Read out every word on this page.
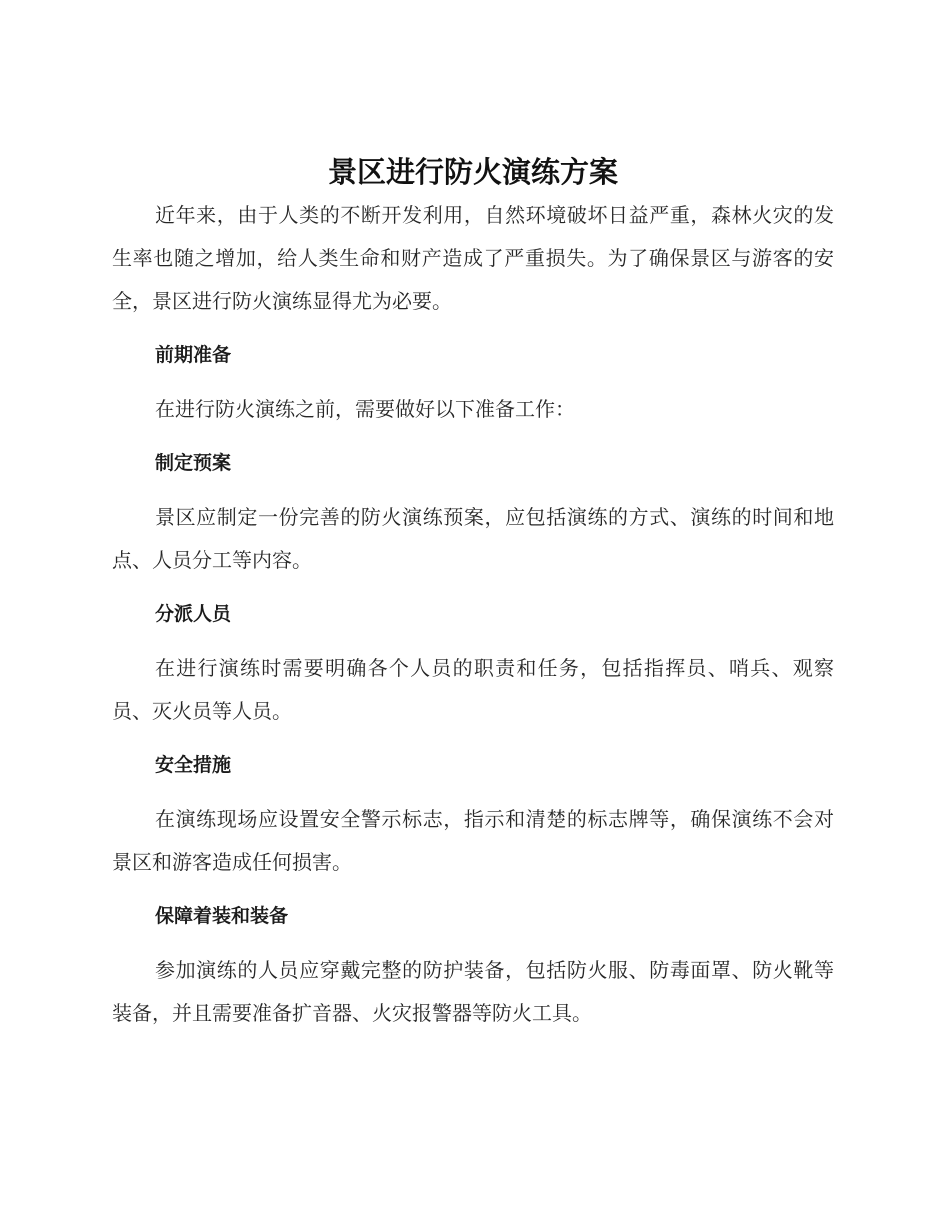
景区进行防火演练方案

近年来，由于人类的不断开发利用，自然环境破坏日益严重，森林火灾的发生率也随之增加，给人类生命和财产造成了严重损失。为了确保景区与游客的安全，景区进行防火演练显得尤为必要。

前期准备

在进行防火演练之前，需要做好以下准备工作：

制定预案

景区应制定一份完善的防火演练预案，应包括演练的方式、演练的时间和地点、人员分工等内容。

分派人员

在进行演练时需要明确各个人员的职责和任务，包括指挥员、哨兵、观察员、灭火员等人员。

安全措施

在演练现场应设置安全警示标志，指示和清楚的标志牌等，确保演练不会对景区和游客造成任何损害。

保障着装和装备

参加演练的人员应穿戴完整的防护装备，包括防火服、防毒面罩、防火靴等装备，并且需要准备扩音器、火灾报警器等防火工具。
